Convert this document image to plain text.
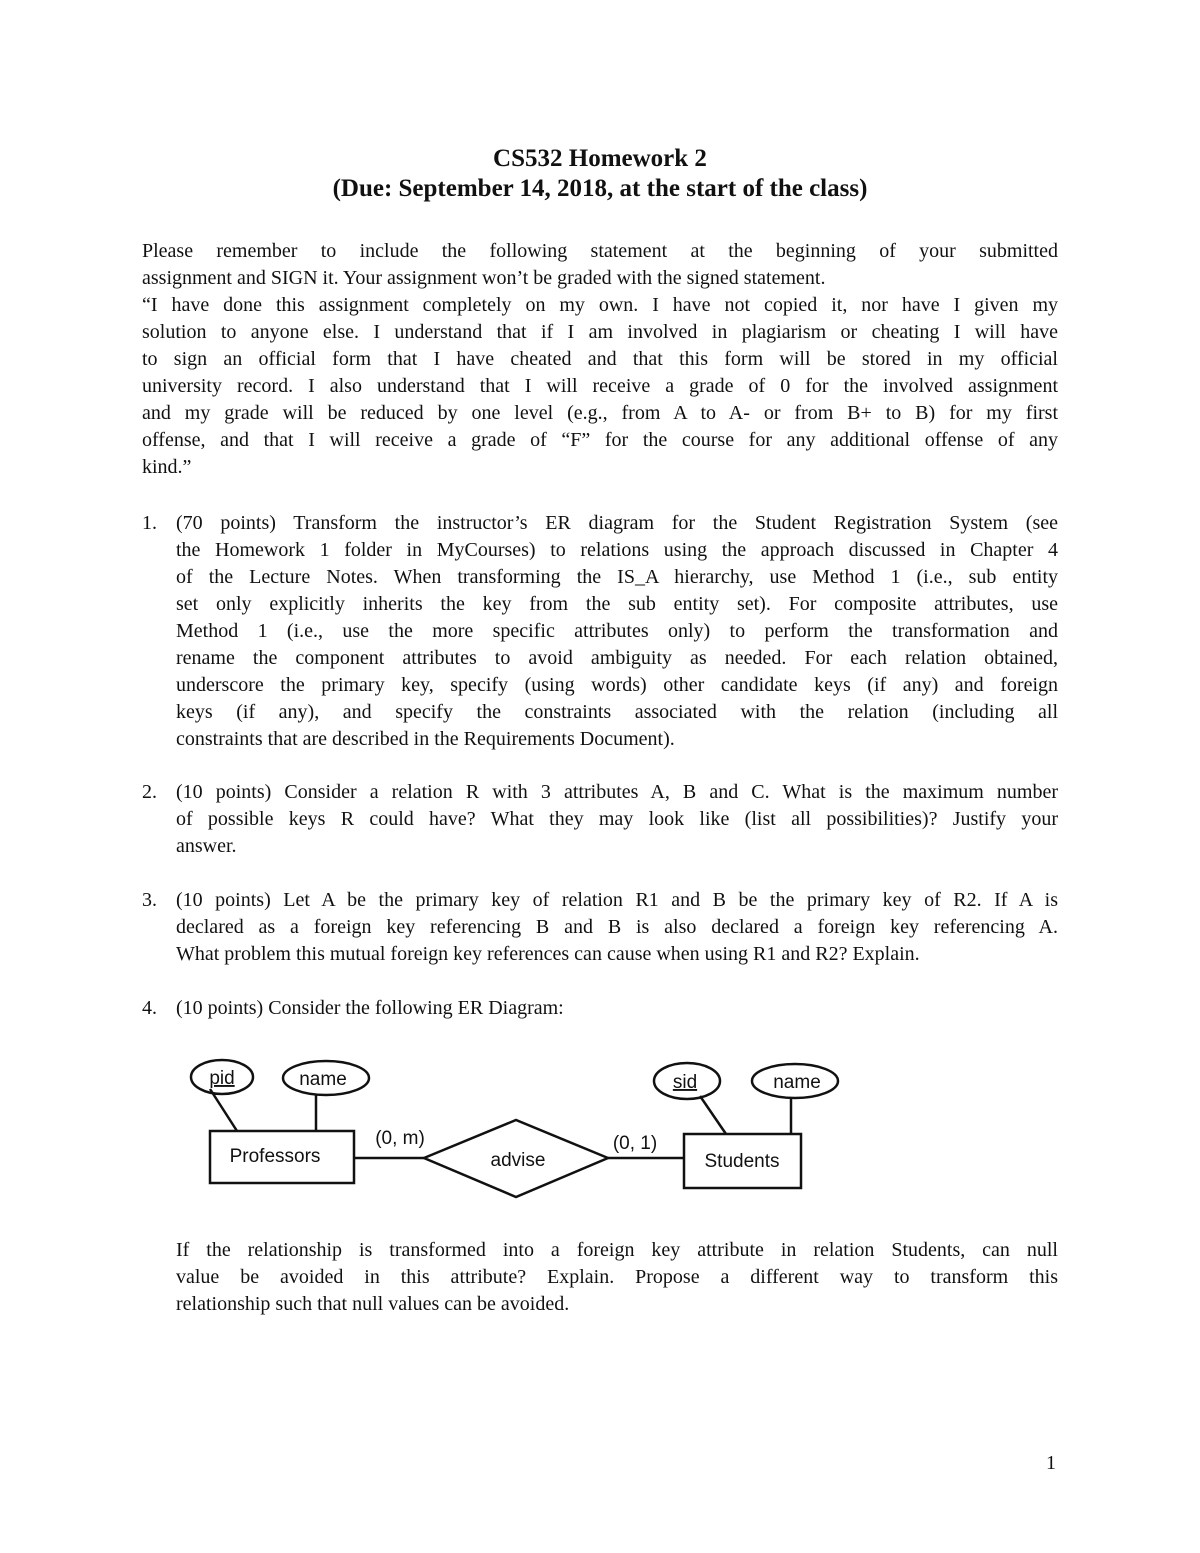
CS532 Homework 2
(Due: September 14, 2018, at the start of the class)
Please remember to include the following statement at the beginning of your submitted
assignment and SIGN it. Your assignment won’t be graded with the signed statement.
“I have done this assignment completely on my own. I have not copied it, nor have I given my
solution to anyone else. I understand that if I am involved in plagiarism or cheating I will have
to sign an official form that I have cheated and that this form will be stored in my official
university record. I also understand that I will receive a grade of 0 for the involved assignment
and my grade will be reduced by one level (e.g., from A to A- or from B+ to B) for my first
offense, and that I will receive a grade of “F” for the course for any additional offense of any
kind.”
1. (70 points) Transform the instructor’s ER diagram for the Student Registration System (see
the Homework 1 folder in MyCourses) to relations using the approach discussed in Chapter 4
of the Lecture Notes. When transforming the IS_A hierarchy, use Method 1 (i.e., sub entity
set only explicitly inherits the key from the sub entity set). For composite attributes, use
Method 1 (i.e., use the more specific attributes only) to perform the transformation and
rename the component attributes to avoid ambiguity as needed. For each relation obtained,
underscore the primary key, specify (using words) other candidate keys (if any) and foreign
keys (if any), and specify the constraints associated with the relation (including all
constraints that are described in the Requirements Document).
2. (10 points) Consider a relation R with 3 attributes A, B and C. What is the maximum number
of possible keys R could have? What they may look like (list all possibilities)? Justify your
answer.
3. (10 points) Let A be the primary key of relation R1 and B be the primary key of R2. If A is
declared as a foreign key referencing B and B is also declared a foreign key referencing A.
What problem this mutual foreign key references can cause when using R1 and R2? Explain.
4. (10 points) Consider the following ER Diagram:
pid	name	sid	name
Professors	Students
advise
(0, m)	(0, 1)
If the relationship is transformed into a foreign key attribute in relation Students, can null
value be avoided in this attribute? Explain. Propose a different way to transform this
relationship such that null values can be avoided.
1
